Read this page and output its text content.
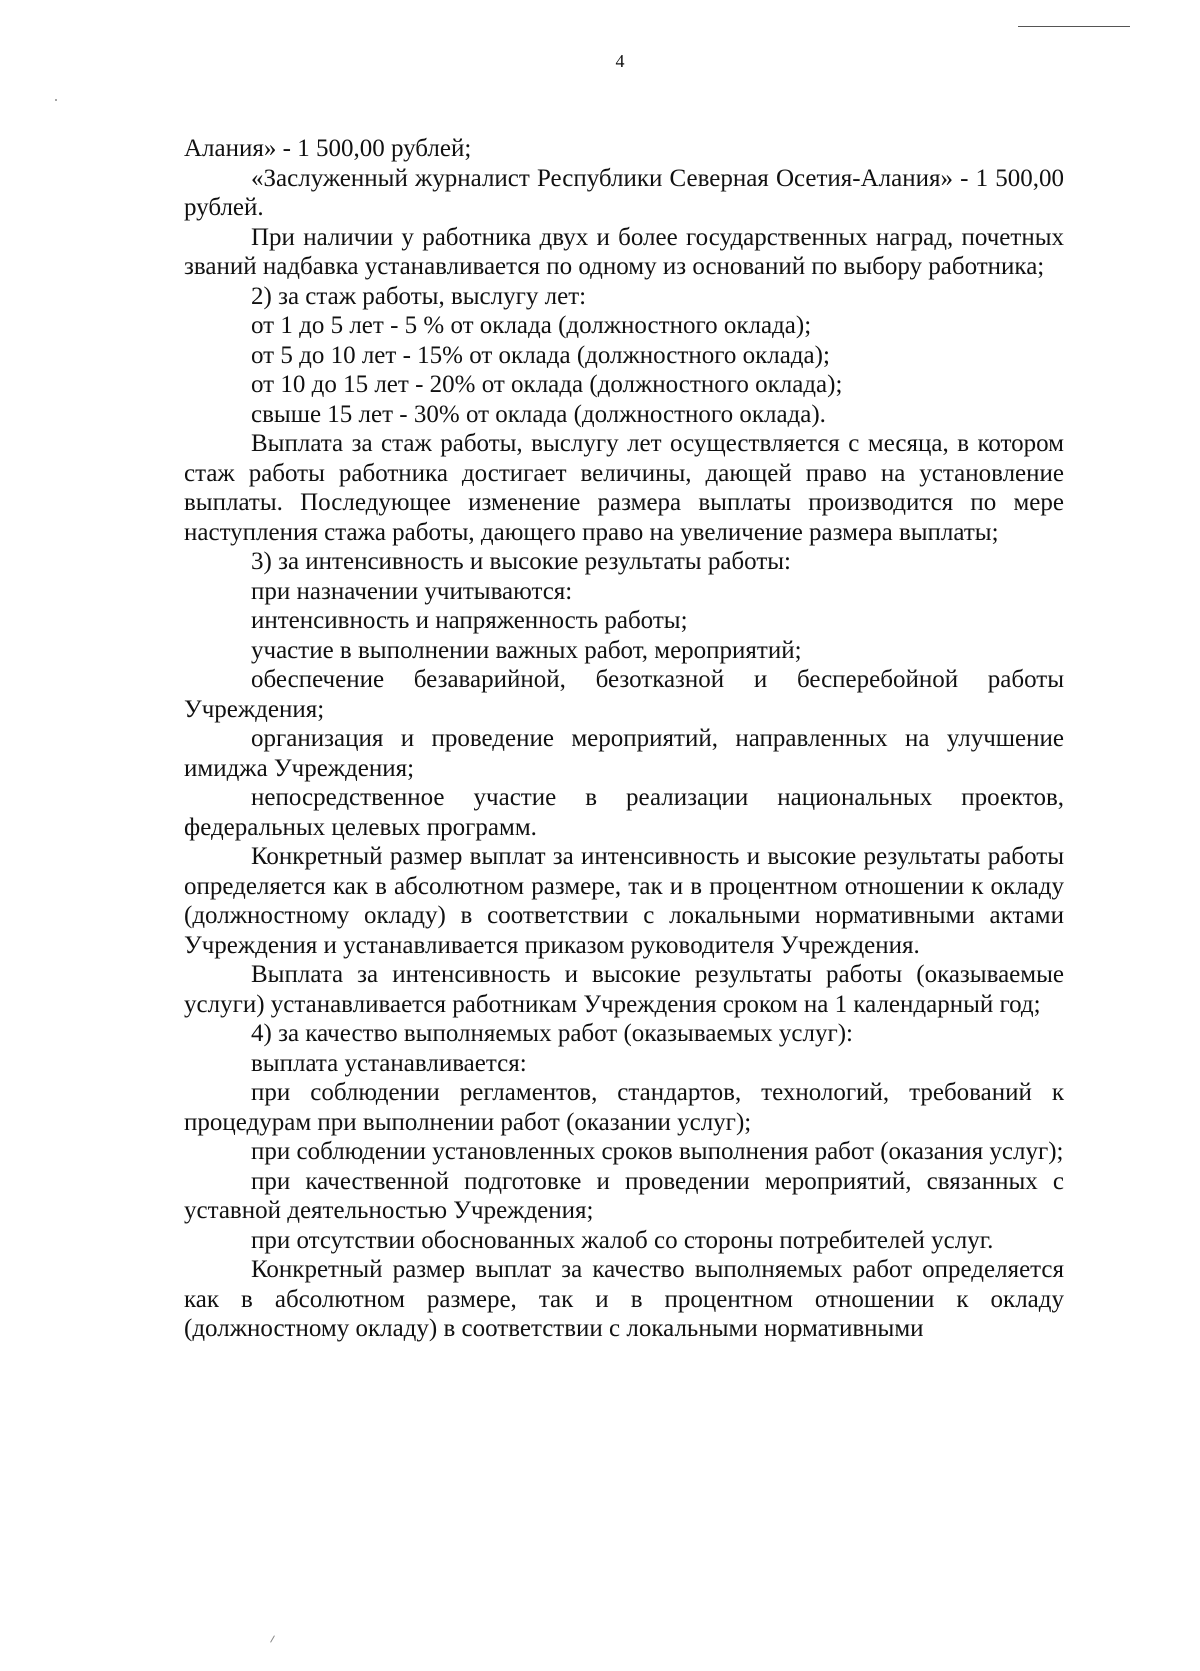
4

Алания» - 1 500,00 рублей;

«Заслуженный журналист Республики Северная Осетия-Алания» - 1 500,00 рублей.

При наличии у работника двух и более государственных наград, почетных званий надбавка устанавливается по одному из оснований по выбору работника;

2) за стаж работы, выслугу лет:

от 1 до 5 лет - 5 % от оклада (должностного оклада);

от 5 до 10 лет - 15% от оклада (должностного оклада);

от 10 до 15 лет - 20% от оклада (должностного оклада);

свыше 15 лет - 30% от оклада (должностного оклада).

Выплата за стаж работы, выслугу лет осуществляется с месяца, в котором стаж работы работника достигает величины, дающей право на установление выплаты. Последующее изменение размера выплаты производится по мере наступления стажа работы, дающего право на увеличение размера выплаты;

3) за интенсивность и высокие результаты работы:

при назначении учитываются:

интенсивность и напряженность работы;

участие в выполнении важных работ, мероприятий;

обеспечение безаварийной, безотказной и бесперебойной работы Учреждения;

организация и проведение мероприятий, направленных на улучшение имиджа Учреждения;

непосредственное участие в реализации национальных проектов, федеральных целевых программ.

Конкретный размер выплат за интенсивность и высокие результаты работы определяется как в абсолютном размере, так и в процентном отношении к окладу (должностному окладу) в соответствии с локальными нормативными актами Учреждения и устанавливается приказом руководителя Учреждения.

Выплата за интенсивность и высокие результаты работы (оказываемые услуги) устанавливается работникам Учреждения сроком на 1 календарный год;

4) за качество выполняемых работ (оказываемых услуг):

выплата устанавливается:

при соблюдении регламентов, стандартов, технологий, требований к процедурам при выполнении работ (оказании услуг);

при соблюдении установленных сроков выполнения работ (оказания услуг);

при качественной подготовке и проведении мероприятий, связанных с уставной деятельностью Учреждения;

при отсутствии обоснованных жалоб со стороны потребителей услуг.

Конкретный размер выплат за качество выполняемых работ определяется как в абсолютном размере, так и в процентном отношении к окладу (должностному окладу) в соответствии с локальными нормативными
